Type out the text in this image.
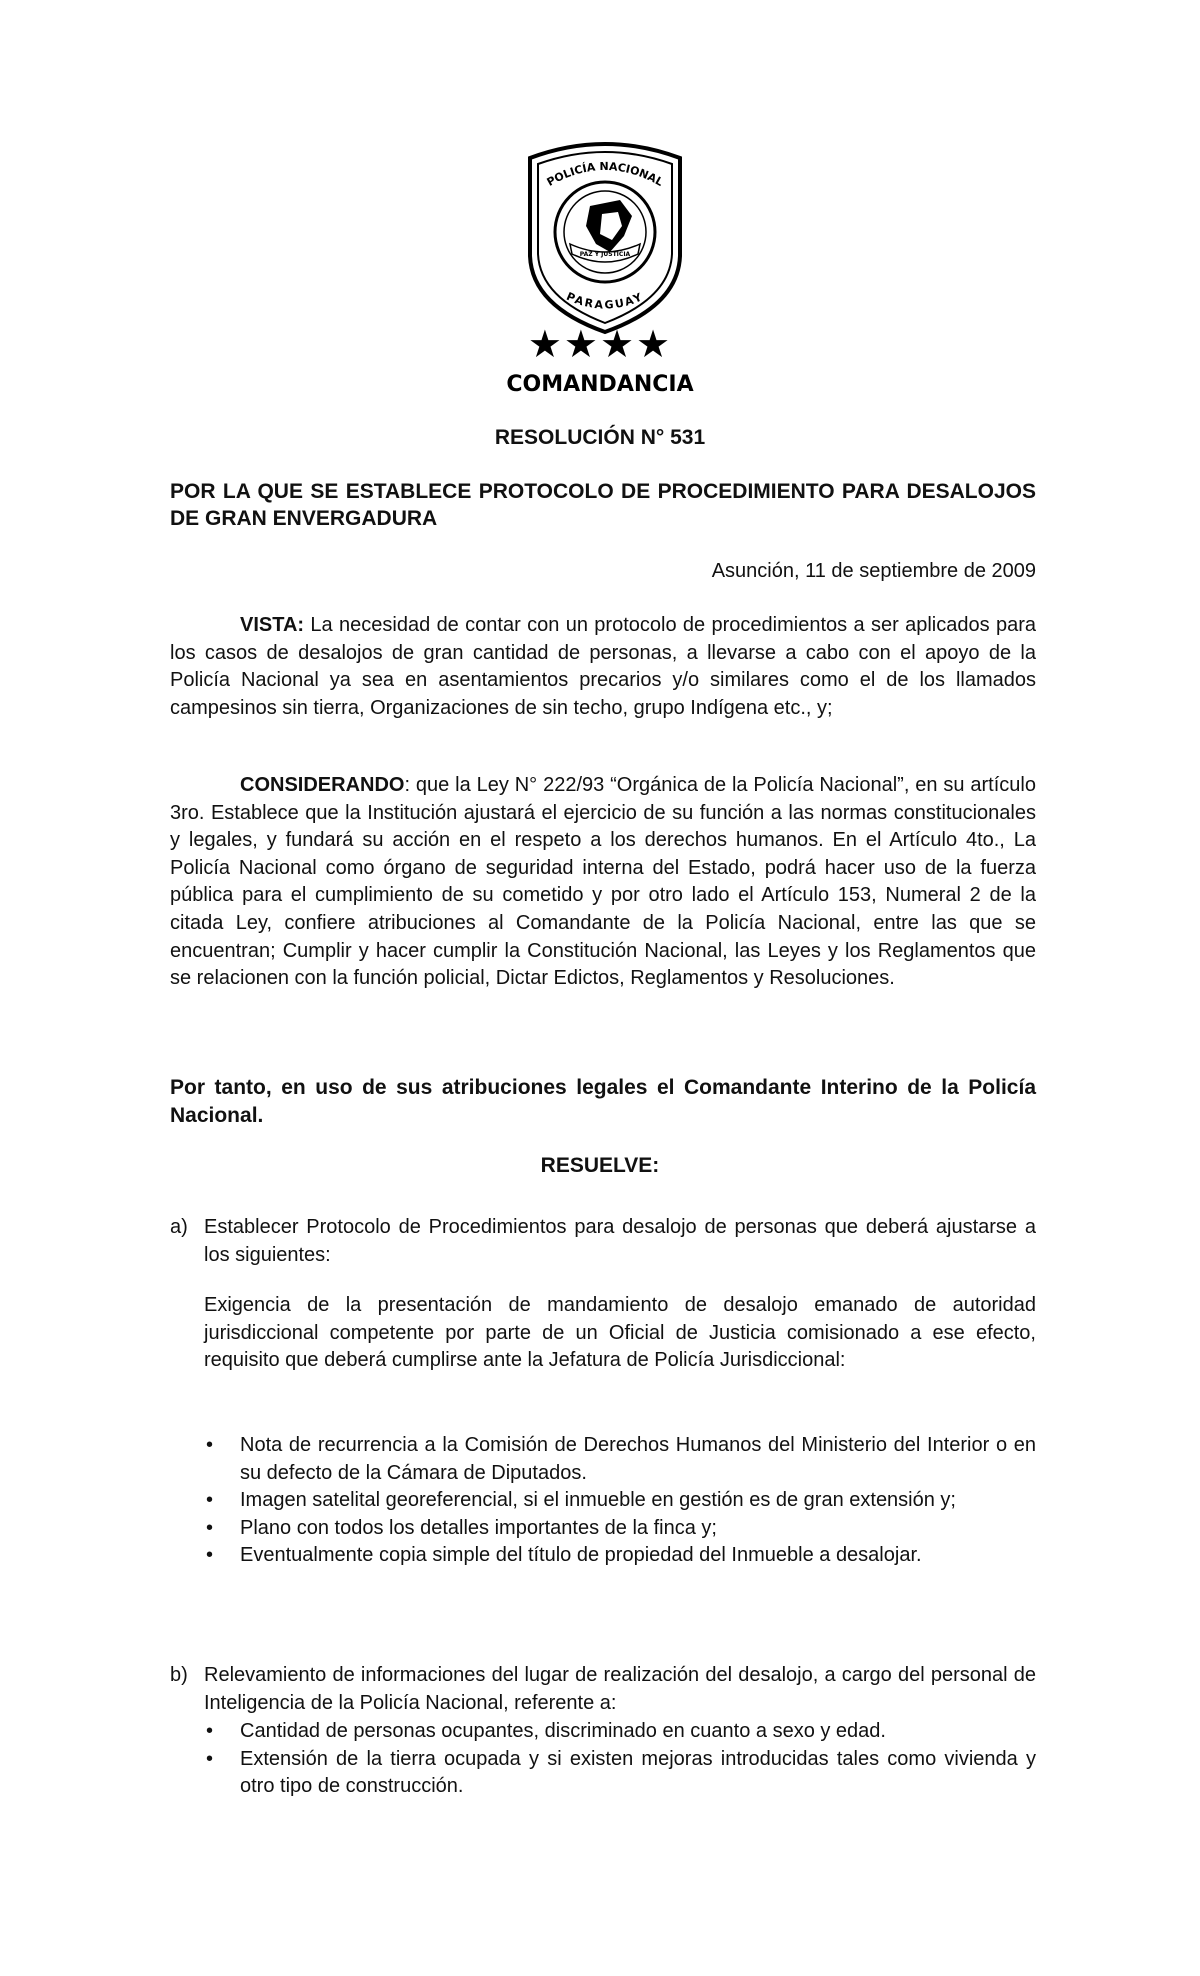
POLICÍA NACIONAL
PARAGUAY
PAZ Y JUSTICIA
★★★★
COMANDANCIA
RESOLUCIÓN N° 531
POR LA QUE SE ESTABLECE PROTOCOLO DE PROCEDIMIENTO PARA DESALOJOS DE GRAN ENVERGADURA
Asunción, 11 de septiembre de 2009
VISTA: La necesidad de contar con un protocolo de procedimientos a ser aplicados para los casos de desalojos de gran cantidad de personas, a llevarse a cabo con el apoyo de la Policía Nacional ya sea en asentamientos precarios y/o similares como el de los llamados campesinos sin tierra, Organizaciones de sin techo, grupo Indígena etc., y;
CONSIDERANDO: que la Ley N° 222/93 “Orgánica de la Policía Nacional”, en su artículo 3ro. Establece que la Institución ajustará el ejercicio de su función a las normas constitucionales y legales, y fundará su acción en el respeto a los derechos humanos. En el Artículo 4to., La Policía Nacional como órgano de seguridad interna del Estado, podrá hacer uso de la fuerza pública para el cumplimiento de su cometido y por otro lado el Artículo 153, Numeral 2 de la citada Ley, confiere atribuciones al Comandante de la Policía Nacional, entre las que se encuentran; Cumplir y hacer cumplir la Constitución Nacional, las Leyes y los Reglamentos que se relacionen con la función policial, Dictar Edictos, Reglamentos y Resoluciones.
Por tanto, en uso de sus atribuciones legales el Comandante Interino de la Policía Nacional.
RESUELVE:
a) Establecer Protocolo de Procedimientos para desalojo de personas que deberá ajustarse a los siguientes:
Exigencia de la presentación de mandamiento de desalojo emanado de autoridad jurisdiccional competente por parte de un Oficial de Justicia comisionado a ese efecto, requisito que deberá cumplirse ante la Jefatura de Policía Jurisdiccional:
• Nota de recurrencia a la Comisión de Derechos Humanos del Ministerio del Interior o en su defecto de la Cámara de Diputados.
• Imagen satelital georeferencial, si el inmueble en gestión es de gran extensión y;
• Plano con todos los detalles importantes de la finca y;
• Eventualmente copia simple del título de propiedad del Inmueble a desalojar.
b) Relevamiento de informaciones del lugar de realización del desalojo, a cargo del personal de Inteligencia de la Policía Nacional, referente a:
• Cantidad de personas ocupantes, discriminado en cuanto a sexo y edad.
• Extensión de la tierra ocupada y si existen mejoras introducidas tales como vivienda y otro tipo de construcción.
